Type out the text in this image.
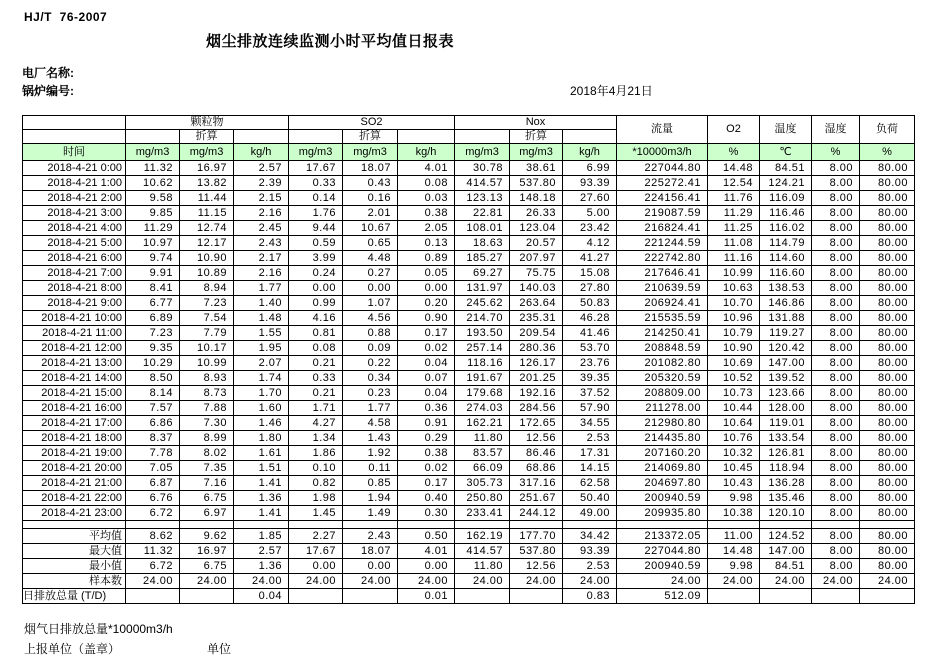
HJ/T  76-2007
烟尘排放连续监测小时平均值日报表
电厂名称:
锅炉编号:	2018年4月21日
	颗粒物			SO2			Nox			流量	O2	温度	湿度	负荷
		折算			折算			折算						
时间	mg/m3	mg/m3	kg/h	mg/m3	mg/m3	kg/h	mg/m3	mg/m3	kg/h	*10000m3/h	%	℃	%	%
2018-4-21 0:00	11.32	16.97	2.57	17.67	18.07	4.01	30.78	38.61	6.99	227044.80	14.48	84.51	8.00	80.00
2018-4-21 1:00	10.62	13.82	2.39	0.33	0.43	0.08	414.57	537.80	93.39	225272.41	12.54	124.21	8.00	80.00
2018-4-21 2:00	9.58	11.44	2.15	0.14	0.16	0.03	123.13	148.18	27.60	224156.41	11.76	116.09	8.00	80.00
2018-4-21 3:00	9.85	11.15	2.16	1.76	2.01	0.38	22.81	26.33	5.00	219087.59	11.29	116.46	8.00	80.00
2018-4-21 4:00	11.29	12.74	2.45	9.44	10.67	2.05	108.01	123.04	23.42	216824.41	11.25	116.02	8.00	80.00
2018-4-21 5:00	10.97	12.17	2.43	0.59	0.65	0.13	18.63	20.57	4.12	221244.59	11.08	114.79	8.00	80.00
2018-4-21 6:00	9.74	10.90	2.17	3.99	4.48	0.89	185.27	207.97	41.27	222742.80	11.16	114.60	8.00	80.00
2018-4-21 7:00	9.91	10.89	2.16	0.24	0.27	0.05	69.27	75.75	15.08	217646.41	10.99	116.60	8.00	80.00
2018-4-21 8:00	8.41	8.94	1.77	0.00	0.00	0.00	131.97	140.03	27.80	210639.59	10.63	138.53	8.00	80.00
2018-4-21 9:00	6.77	7.23	1.40	0.99	1.07	0.20	245.62	263.64	50.83	206924.41	10.70	146.86	8.00	80.00
2018-4-21 10:00	6.89	7.54	1.48	4.16	4.56	0.90	214.70	235.31	46.28	215535.59	10.96	131.88	8.00	80.00
2018-4-21 11:00	7.23	7.79	1.55	0.81	0.88	0.17	193.50	209.54	41.46	214250.41	10.79	119.27	8.00	80.00
2018-4-21 12:00	9.35	10.17	1.95	0.08	0.09	0.02	257.14	280.36	53.70	208848.59	10.90	120.42	8.00	80.00
2018-4-21 13:00	10.29	10.99	2.07	0.21	0.22	0.04	118.16	126.17	23.76	201082.80	10.69	147.00	8.00	80.00
2018-4-21 14:00	8.50	8.93	1.74	0.33	0.34	0.07	191.67	201.25	39.35	205320.59	10.52	139.52	8.00	80.00
2018-4-21 15:00	8.14	8.73	1.70	0.21	0.23	0.04	179.68	192.16	37.52	208809.00	10.73	123.66	8.00	80.00
2018-4-21 16:00	7.57	7.88	1.60	1.71	1.77	0.36	274.03	284.56	57.90	211278.00	10.44	128.00	8.00	80.00
2018-4-21 17:00	6.86	7.30	1.46	4.27	4.58	0.91	162.21	172.65	34.55	212980.80	10.64	119.01	8.00	80.00
2018-4-21 18:00	8.37	8.99	1.80	1.34	1.43	0.29	11.80	12.56	2.53	214435.80	10.76	133.54	8.00	80.00
2018-4-21 19:00	7.78	8.02	1.61	1.86	1.92	0.38	83.57	86.46	17.31	207160.20	10.32	126.81	8.00	80.00
2018-4-21 20:00	7.05	7.35	1.51	0.10	0.11	0.02	66.09	68.86	14.15	214069.80	10.45	118.94	8.00	80.00
2018-4-21 21:00	6.87	7.16	1.41	0.82	0.85	0.17	305.73	317.16	62.58	204697.80	10.43	136.28	8.00	80.00
2018-4-21 22:00	6.76	6.75	1.36	1.98	1.94	0.40	250.80	251.67	50.40	200940.59	9.98	135.46	8.00	80.00
2018-4-21 23:00	6.72	6.97	1.41	1.45	1.49	0.30	233.41	244.12	49.00	209935.80	10.38	120.10	8.00	80.00

平均值	8.62	9.62	1.85	2.27	2.43	0.50	162.19	177.70	34.42	213372.05	11.00	124.52	8.00	80.00
最大值	11.32	16.97	2.57	17.67	18.07	4.01	414.57	537.80	93.39	227044.80	14.48	147.00	8.00	80.00
最小值	6.72	6.75	1.36	0.00	0.00	0.00	11.80	12.56	2.53	200940.59	9.98	84.51	8.00	80.00
样本数	24.00	24.00	24.00	24.00	24.00	24.00	24.00	24.00	24.00	24.00	24.00	24.00	24.00	24.00
日排放总量 (T/D)			0.04			0.01			0.83	512.09				
烟气日排放总量*10000m3/h
上报单位（盖章）	单位
